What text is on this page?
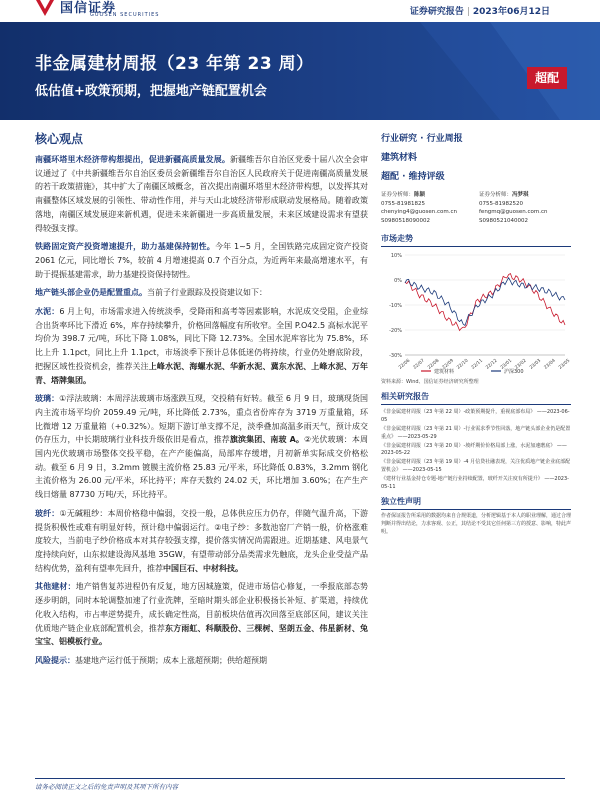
国信证券
GUOSEN SECURITIES	证券研究报告 | 2023年06月12日
非金属建材周报（23 年第 23 周）
低估值+政策预期，把握地产链配置机会
超配
核心观点

南疆环塔里木经济带构想提出，促进新疆高质量发展。新疆维吾尔自治区党委十届八次全会审议通过了《中共新疆维吾尔自治区委员会新疆维吾尔自治区人民政府关于促进南疆高质量发展的若干政策措施》，其中扩大了南疆区域概念，首次提出南疆环塔里木经济带构想，以发挥其对南疆整体区域发展的引领性、带动性作用，并与天山北坡经济带形成联动发展格局。随着政策落地，南疆区域发展迎来新机遇，促进未来新疆进一步高质量发展，未来区域建设需求有望获得较强支撑。

铁路固定资产投资增速提升，助力基建保持韧性。今年 1~5 月，全国铁路完成固定资产投资 2061 亿元，同比增长 7%，较前 4 月增速提高 0.7 个百分点，为近两年来最高增速水平，有助于提振基建需求，助力基建投资保持韧性。

地产链头部企业仍是配置重点。当前子行业跟踪及投资建议如下：

水泥：6 月上旬，市场需求进入传统淡季，受降雨和高考等因素影响，水泥成交受阻，企业综合出货率环比下滑近 6%，库存持续攀升，价格回落幅度有所收窄。全国 P.O42.5 高标水泥平均价为 398.7 元/吨，环比下降 1.08%，同比下降 12.73%。全国水泥库容比为 75.8%，环比上升 1.1pct，同比上升 1.1pct，市场淡季下预计总体低迷仍将持续，行业仍处磨底阶段，把握区域性投资机会，推荐关注上峰水泥、海螺水泥、华新水泥、冀东水泥、上峰水泥、万年青、塔牌集团。

玻璃：①浮法玻璃：本周浮法玻璃市场涨跌互现，交投稍有好转。截至 6 月 9 日，玻璃现货国内主流市场平均价 2059.49 元/吨，环比降低 2.73%，重点省份库存为 3719 万重量箱，环比微增 12 万重量箱（+0.32%）。短期下游订单支撑不足，淡季叠加高温多雨天气，预计成交仍存压力，中长期玻璃行业科技升级依旧是看点，推荐旗滨集团、南玻 A。②光伏玻璃：本周国内光伏玻璃市场整体交投平稳，在产产能偏高，局部库存缓增，月初新单实际成交价格松动。截至 6 月 9 日，3.2mm 镀膜主流价格 25.83 元/平米，环比降低 0.83%，3.2mm 钢化主流价格为 26.00 元/平米，环比持平；库存天数约 24.02 天，环比增加 3.60%；在产生产线日熔量 87730 万吨/天，环比持平。

玻纤：①无碱粗纱：本周价格稳中偏弱，交投一般，总体供应压力仍存，伴随气温升高，下游提货积极性或难有明显好转，预计稳中偏弱运行。②电子纱：多数池窑厂产销一般，价格涨难度较大，当前电子纱价格成本对其存较强支撑，提价落实情况尚需跟进。近期基建、风电景气度持续向好，山东拟建设海风基地 35GW，有望带动部分品类需求先触底，龙头企业受益产品结构优势，盈利有望率先回升，推荐中国巨石、中材科技。

其他建材：地产销售复苏进程仍有反复，地方因城施策，促进市场信心修复，一季报底部态势逐步明朗，同时本轮调整加速了行业洗牌，至暗时期头部企业积极扬长补短、扩渠道，持续优化收入结构，市占率逆势提升，成长确定性高，目前板块估值再次回落至底部区间，建议关注优质地产链企业底部配置机会，推荐东方雨虹、科顺股份、三棵树、坚朗五金、伟星新材、兔宝宝、铝模板行业。

风险提示：基建地产运行低于预期；成本上涨超预期；供给超预期

行业研究 · 行业周报
建筑材料
超配 · 维持评级
证券分析师：陈颖
0755-81981825
chenying4@guosen.com.cn
S0980518090002
证券分析师：冯梦琪
0755-81982520
fengmq@guosen.com.cn
S0980521040002
市场走势
10%
0%
-10%
-20%
-30%
22/06 22/07 22/08 22/09 22/10 22/11 22/12 23/01 23/02 23/03 23/04 23/05
建筑材料	沪深300
资料来源：Wind、国信证券经济研究所整理
相关研究报告
《非金属建材周报（23 年第 22 周）-政策预期提升，重视底部布局》 ——2023-06-05
《非金属建材周报（23 年第 21 周）-行业需求季节性回落，地产链头部企业仍是配置重点》 ——2023-05-29
《非金属建材周报（23 年第 20 周）-坡纤期价价格局部上涨，水泥加速磨底》 ——2023-05-22
《非金属建材周报（23 年第 19 周）-4 月信贷社融表现，关注优质地产链企业底部配置机会》 ——2023-05-15
《建材行业基金持仓专题-地产链行业持续配置，玻纤开关注度有所提升》 ——2023-05-11
独立性声明
作者保证报告所采用的数据均来自合规渠道，分析逻辑基于本人的职业理解，通过合理判断并得出结论，力求客观、公正，其结论不受其它任何第三方的授意、影响，特此声明。
请务必阅读正文之后的免责声明及其项下所有内容
